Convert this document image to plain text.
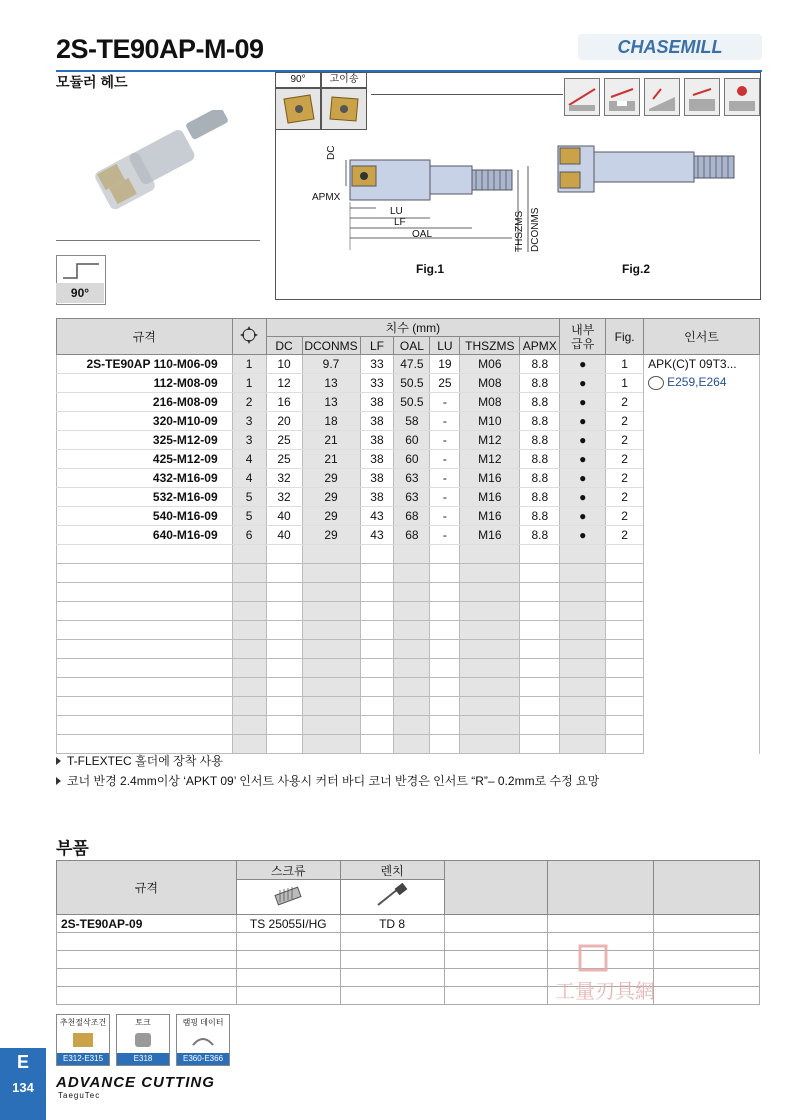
2S-TE90AP-M-09	CHASEMILL
모듈러 헤드
90°
90°	고이송
DC
APMX
LU
LF
OAL	THSZMS DCONMS
Fig.1	Fig.2
규격		치수 (mm)							내부
급유	Fig.	인서트
		DC	DCONMS	LF	OAL	LU	THSZMS	APMX			
2S-TE90AP 110-M06-09	1	10	9.7	33	47.5	19	M06	8.8	●	1	APK(C)T 09T3...
E259,E264

112-M08-09	1	12	13	33	50.5	25	M08	8.8	●	1	
216-M08-09	2	16	13	38	50.5	-	M08	8.8	●	2	
320-M10-09	3	20	18	38	58	-	M10	8.8	●	2	
325-M12-09	3	25	21	38	60	-	M12	8.8	●	2	
425-M12-09	4	25	21	38	60	-	M12	8.8	●	2	
432-M16-09	4	32	29	38	63	-	M16	8.8	●	2	
532-M16-09	5	32	29	38	63	-	M16	8.8	●	2	
540-M16-09	5	40	29	43	68	-	M16	8.8	●	2	
640-M16-09	6	40	29	43	68	-	M16	8.8	●	2	

T-FLEXTEC 홀더에 장착 사용
코너 반경 2.4mm이상 ‘APKT 09’ 인서트 사용시 커터 바디 코너 반경은 인서트 “R”– 0.2mm로 수정 요망
부품
규격	스크류	렌치			

2S-TE90AP-09	TS 25055I/HG	TD 8			

工量刃具網
E
134
추천절삭조건
E312-E315
토크
E318
램핑 데이터
E360-E366
ADVANCE CUTTING
TaeguTec
